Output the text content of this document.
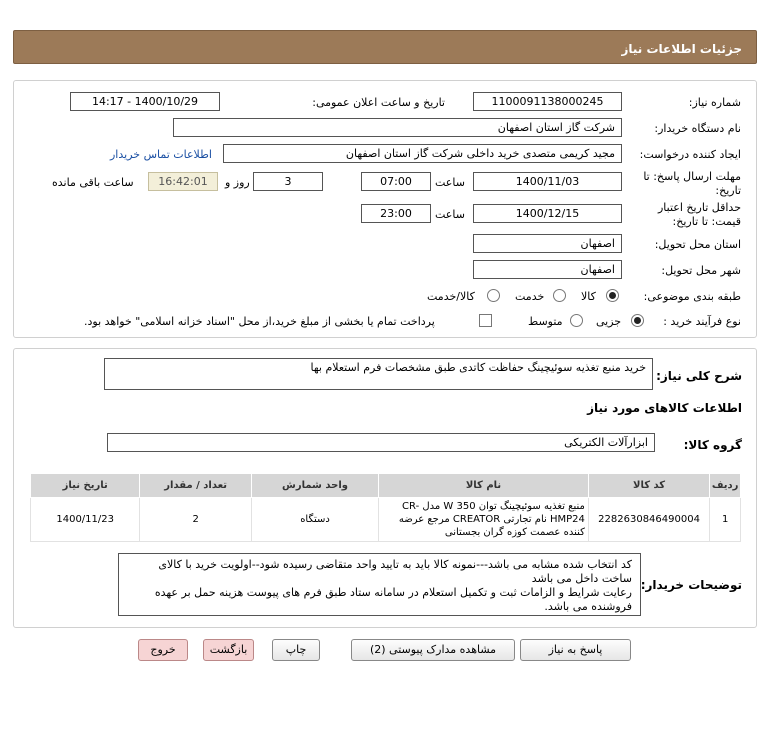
جزئیات اطلاعات نیاز
شماره نیاز:
1100091138000245
تاریخ و ساعت اعلان عمومی:
1400/10/29 - 14:17
نام دستگاه خریدار:
شرکت گاز استان اصفهان
ایجاد کننده درخواست:
مجید کریمی متصدی خرید داخلی شرکت گاز استان اصفهان
اطلاعات تماس خریدار
مهلت ارسال پاسخ: تا
تاریخ:
1400/11/03
ساعت
07:00
3
روز و
16:42:01
ساعت باقی مانده
حداقل تاریخ اعتبار
قیمت: تا تاریخ:
1400/12/15
ساعت
23:00
استان محل تحویل:
اصفهان
شهر محل تحویل:
اصفهان
طبقه بندی موضوعی:
کالا
خدمت
کالا/خدمت
نوع فرآیند خرید :
جزیی
متوسط
پرداخت تمام یا بخشی از مبلغ خرید،از محل "اسناد خزانه اسلامی" خواهد بود.
شرح کلی نیاز:
خرید منبع تغذیه سوئیچینگ حفاظت کاتدی طبق مشخصات فرم استعلام بها
اطلاعات کالاهای مورد نیاز
گروه کالا:
ابزارآلات الکتریکی
ردیف	کد کالا	نام کالا	واحد شمارش	تعداد / مقدار	تاریخ نیاز
1	2282630846490004	منبع تغذیه سوئیچینگ توان W 350 مدل CR-HMP24 نام تجارتی CREATOR مرجع عرضه کننده عصمت کوزه گران بجستانی	دستگاه	2	1400/11/23
توضیحات خریدار:
کد انتخاب شده مشابه می باشد---نمونه کالا باید به تایید واحد متقاضی رسیده شود--اولویت خرید با کالای ساخت داخل می باشد
رعایت شرایط و الزامات ثبت و تکمیل استعلام در سامانه ستاد طبق فرم های پیوست هزینه حمل بر عهده فروشنده می باشد.
پاسخ به نیاز
مشاهده مدارک پیوستی (2)
چاپ
بازگشت
خروج
